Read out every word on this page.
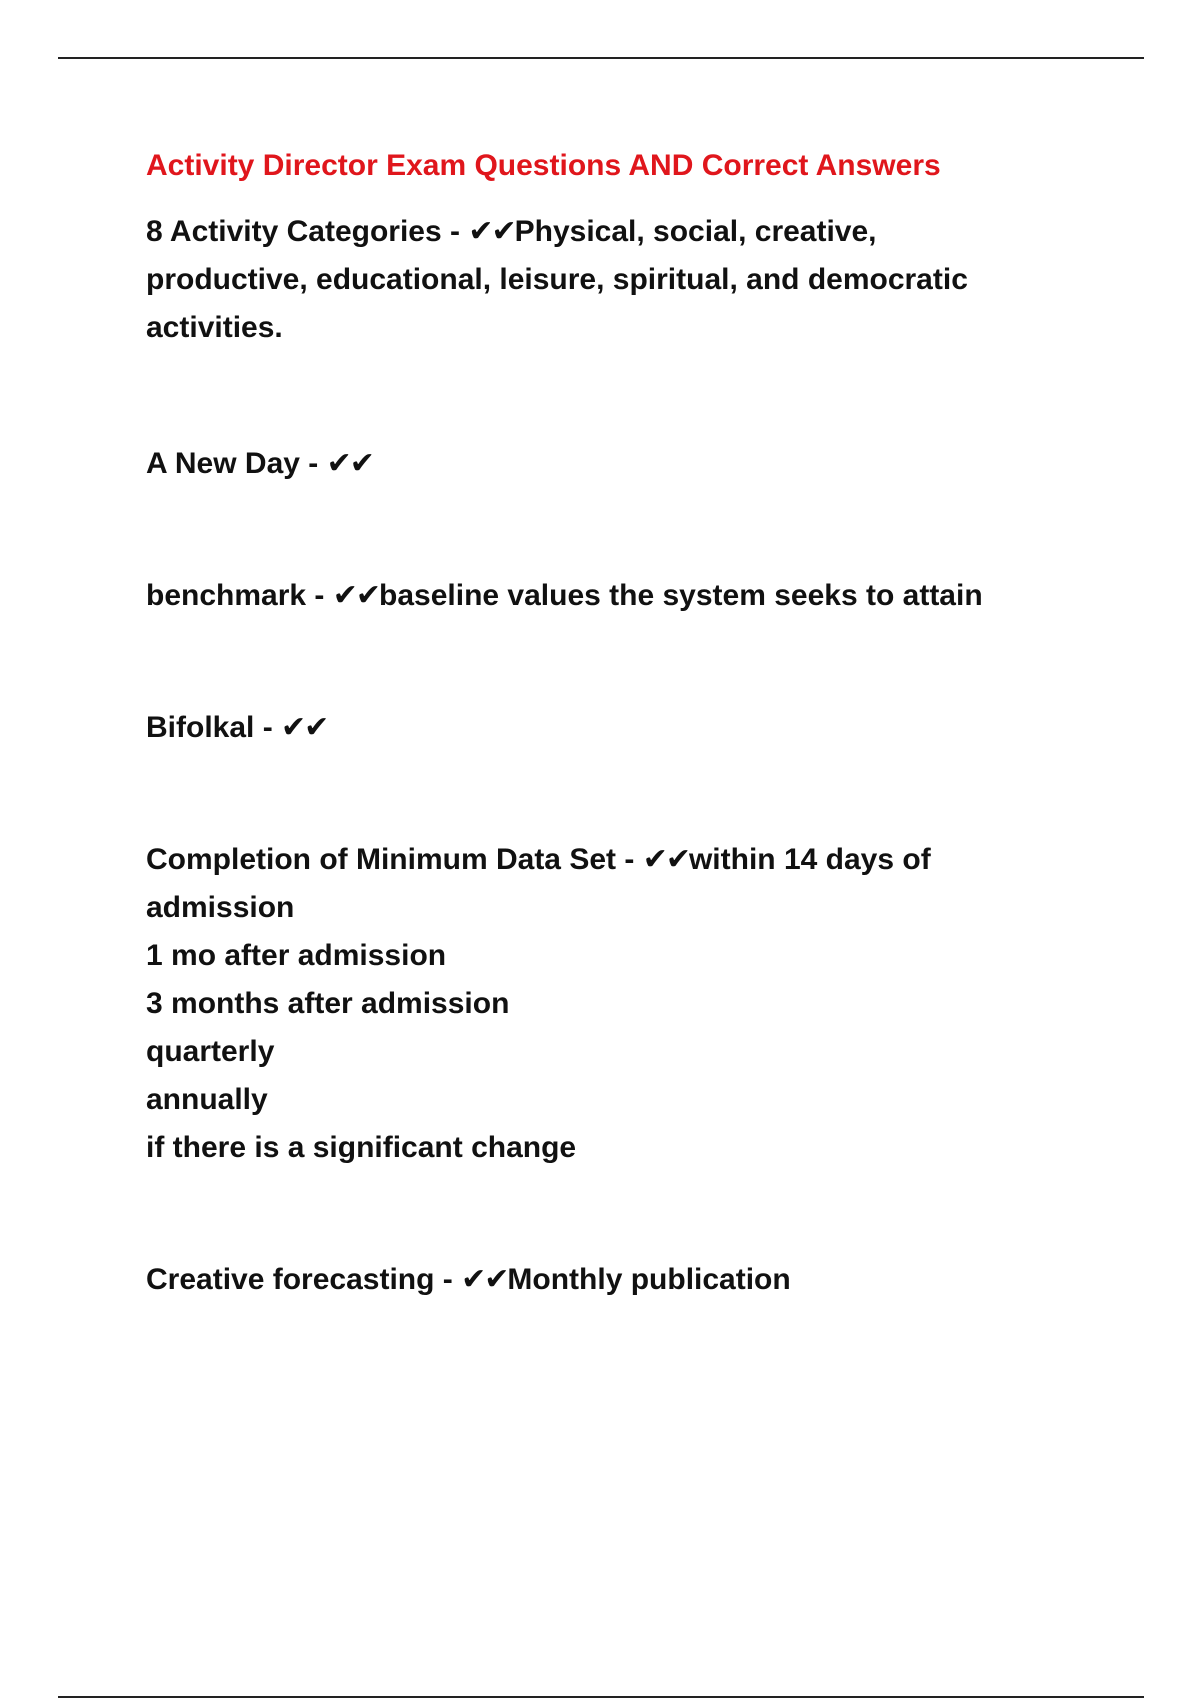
Activity Director Exam Questions AND Correct Answers

8 Activity Categories - ✔✔Physical, social, creative,

productive, educational, leisure, spiritual, and democratic

activities.

A New Day - ✔✔

benchmark - ✔✔baseline values the system seeks to attain

Bifolkal - ✔✔

Completion of Minimum Data Set - ✔✔within 14 days of

admission

1 mo after admission

3 months after admission

quarterly

annually

if there is a significant change

Creative forecasting - ✔✔Monthly publication
